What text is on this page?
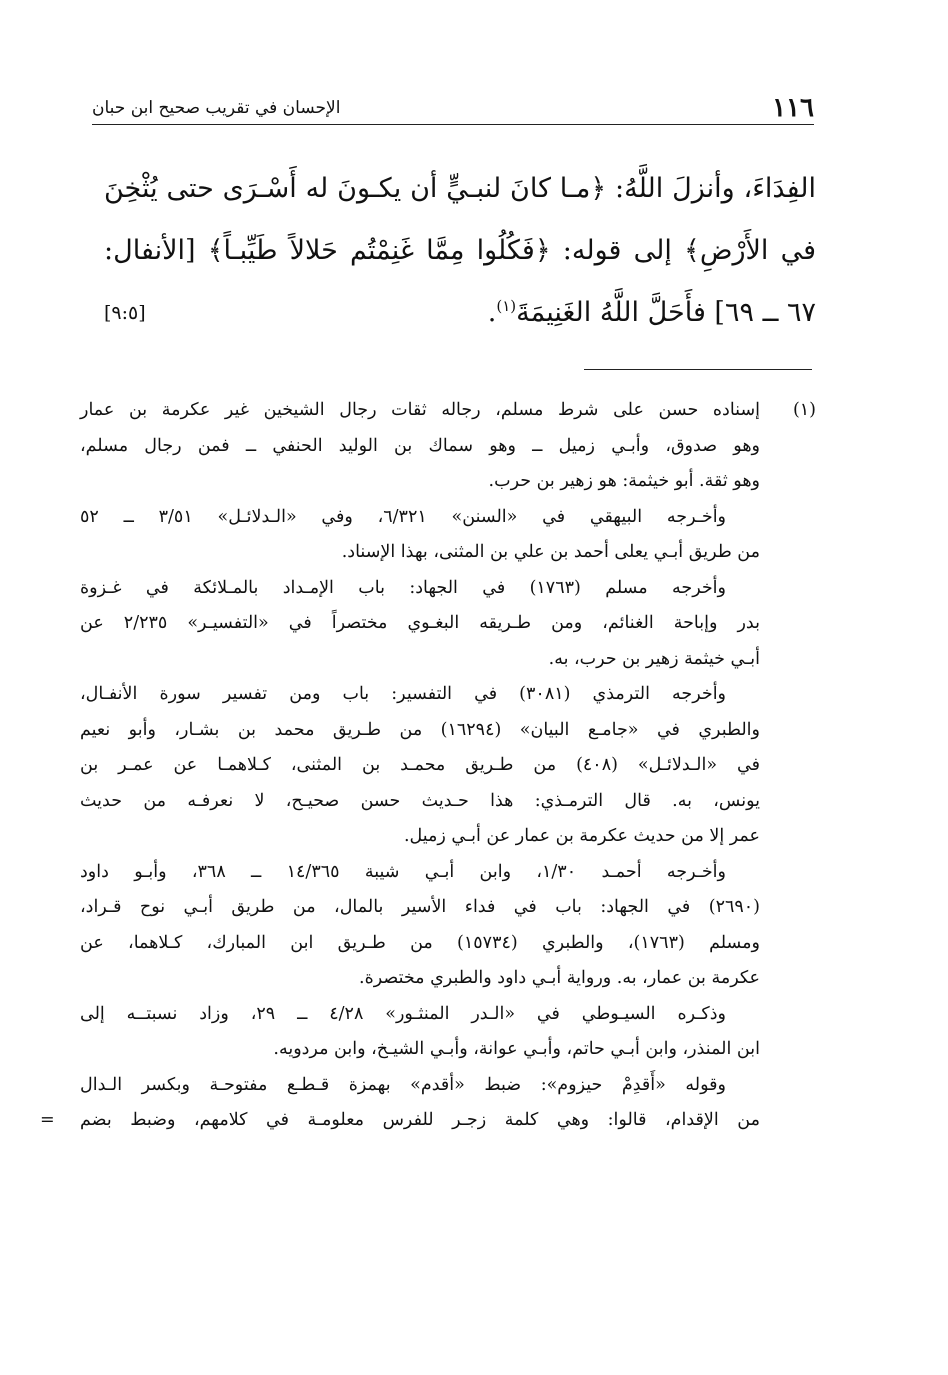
١١٦
الإحسان في تقريب صحيح ابن حبان
الفِدَاءَ، وأنزلَ اللَّهُ: ﴿مـا كانَ لنبـيٍّ أن يكـونَ له أَسْـرَى حتى يُثْخِنَ
في الأَرْضِ﴾ إلى قوله: ﴿فَكُلُوا مِمَّا غَنِمْتُم حَلالاً طَيِّبـاً﴾ [الأنفال:
٦٧ ــ ٦٩] فأَحَلَّ اللَّهُ الغَنِيمَةَ$^{(١)}$.
[٩:٥]
(١)
إسناده حسن على شرط مسلم، رجاله ثقات رجال الشيخين غير عكرمة بن عمار
وهو صدوق، وأبـي زميل ــ وهو سماك بن الوليد الحنفي ــ فمن رجال مسلم،
وهو ثقة. أبو خيثمة: هو زهير بن حرب.
وأخـرجه البيهقي في «السنن» ٦/٣٢١، وفي «الـدلائـل» ٣/٥١ ــ ٥٢
من طريق أبـي يعلى أحمد بن علي بن المثنى، بهذا الإسناد.
وأخرجه مسلم (١٧٦٣) في الجهاد: باب الإمـداد بالمـلائكة في غـزوة
بدر وإباحة الغنائم، ومن طـريقه البغـوي مختصراً في «التفسيـر» ٢/٢٣٥ عن
أبـي خيثمة زهير بن حرب، به.
وأخرجه الترمذي (٣٠٨١) في التفسير: باب ومن تفسير سورة الأنفـال،
والطبري في «جامـع البيان» (١٦٢٩٤) من طـريق محمد بن بشـار، وأبو نعيم
في «الـدلائـل» (٤٠٨) من طـريق محمـد بن المثنى، كـلاهمـا عن عمـر بن
يونس، به. قال الترمـذي: هذا حـديث حسن صحيـح، لا نعرفـه من حديث
عمر إلا من حديث عكرمة بن عمار عن أبـي زميل.
وأخـرجه أحمـد ١/٣٠، وابن أبـي شيبة ١٤/٣٦٥ ــ ٣٦٨، وأبـو داود
(٢٦٩٠) في الجهاد: باب في فداء الأسير بالمال، من طريق أبـي نوح قـراد،
ومسلم (١٧٦٣)، والطبري (١٥٧٣٤) من طـريق ابن المبارك، كـلاهما، عن
عكرمة بن عمار، به. ورواية أبـي داود والطبري مختصرة.
وذكـره السيـوطي في «الـدر المنثـور» ٤/٢٨ ــ ٢٩، وزاد نسبتــه إلى
ابن المنذر، وابن أبـي حاتم، وأبـي عوانة، وأبـي الشيـخ، وابن مردويه.
وقوله «أَقدِمْ حيزوم»: ضبط «أقدم» بهمزة قـطـع مفتوحـة وبكسر الـدال
من الإقدام، قالوا: وهي كلمة زجـر للفرس معلومـة في كلامهم، وضبط بضم
=
